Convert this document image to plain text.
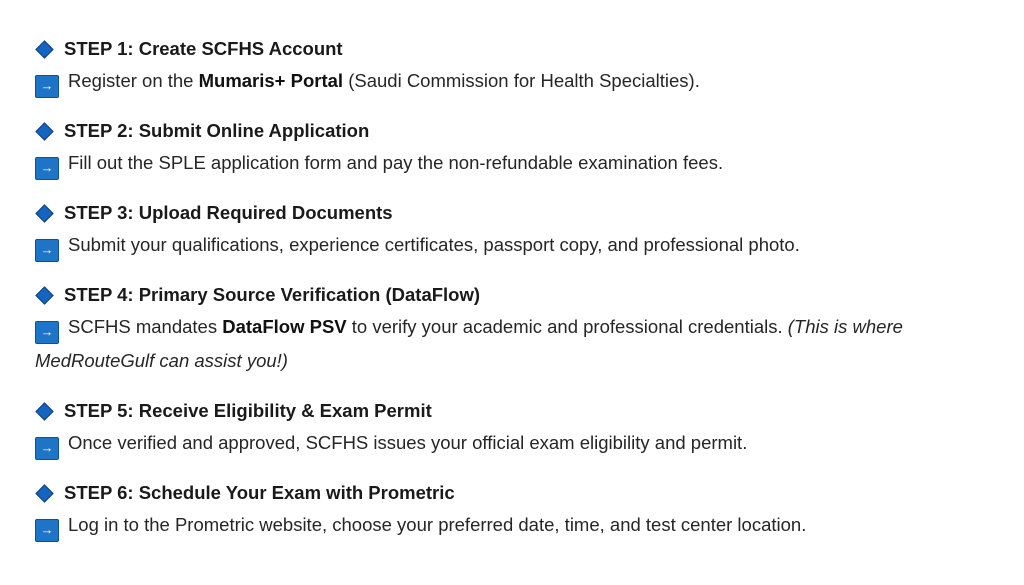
STEP 1: Create SCFHS Account
→ Register on the Mumaris+ Portal (Saudi Commission for Health Specialties).
STEP 2: Submit Online Application
→ Fill out the SPLE application form and pay the non-refundable examination fees.
STEP 3: Upload Required Documents
→ Submit your qualifications, experience certificates, passport copy, and professional photo.
STEP 4: Primary Source Verification (DataFlow)
→ SCFHS mandates DataFlow PSV to verify your academic and professional credentials. (This is where MedRouteGulf can assist you!)
STEP 5: Receive Eligibility & Exam Permit
→ Once verified and approved, SCFHS issues your official exam eligibility and permit.
STEP 6: Schedule Your Exam with Prometric
→ Log in to the Prometric website, choose your preferred date, time, and test center location.
